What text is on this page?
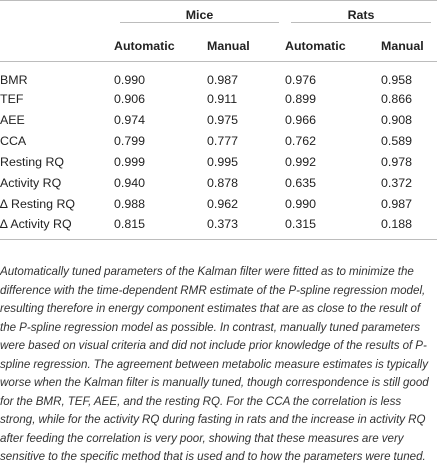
	Mice		Rats	

	Automatic	Manual	Automatic	Manual
BMR	0.990	0.987	0.976	0.958
TEF	0.906	0.911	0.899	0.866
AEE	0.974	0.975	0.966	0.908
CCA	0.799	0.777	0.762	0.589
Resting RQ	0.999	0.995	0.992	0.978
Activity RQ	0.940	0.878	0.635	0.372
∆ Resting RQ	0.988	0.962	0.990	0.987
∆ Activity RQ	0.815	0.373	0.315	0.188

Automatically tuned parameters of the Kalman filter were fitted as to minimize the difference with the time-dependent RMR estimate of the P-spline regression model, resulting therefore in energy component estimates that are as close to the result of the P-spline regression model as possible. In contrast, manually tuned parameters were based on visual criteria and did not include prior knowledge of the results of P-spline regression. The agreement between metabolic measure estimates is typically worse when the Kalman filter is manually tuned, though correspondence is still good for the BMR, TEF, AEE, and the resting RQ. For the CCA the correlation is less strong, while for the activity RQ during fasting in rats and the increase in activity RQ after feeding the correlation is very poor, showing that these measures are very sensitive to the specific method that is used and to how the parameters were tuned.
